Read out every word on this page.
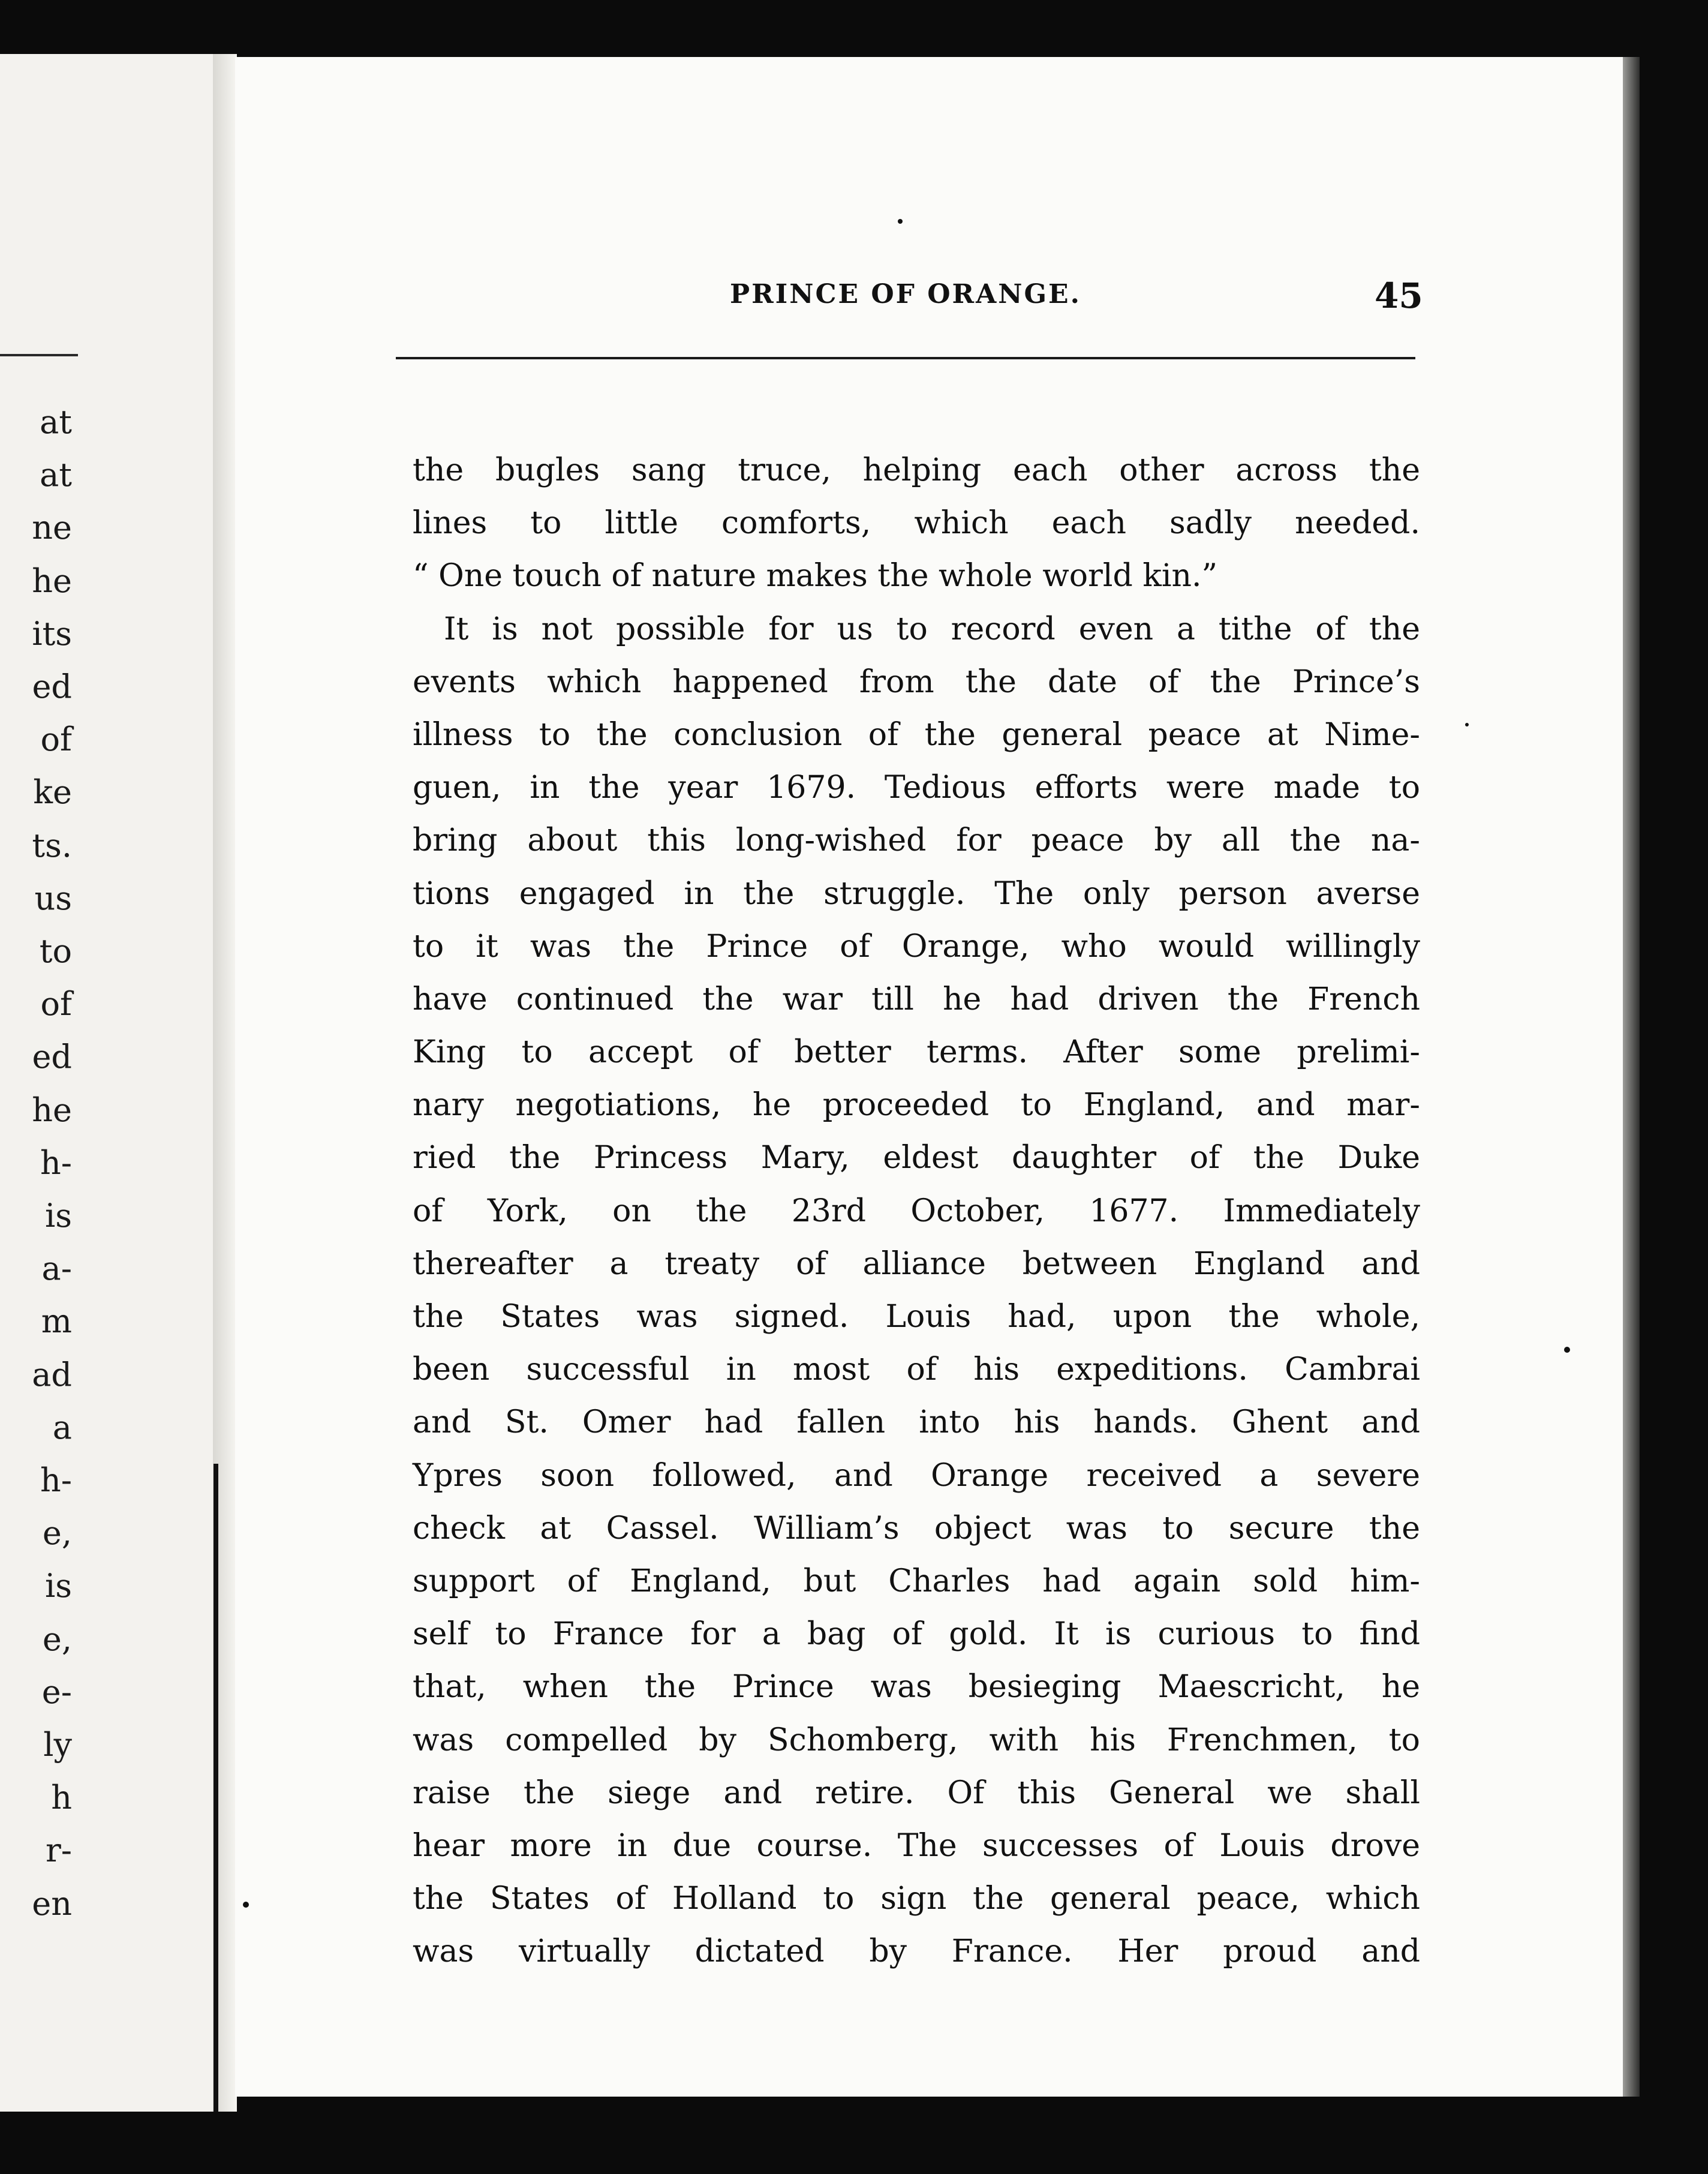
at
at
ne
he
its
ed
of
ke
ts.
us
to
of
ed
he
h-
is
a-
m
ad
a
h-
e,
is
e,
e-
ly
h
r-
en
PRINCE OF ORANGE.	45
the bugles sang truce, helping each other across the
lines to little comforts, which each sadly needed.
“ One touch of nature makes the whole world kin.”
It is not possible for us to record even a tithe of the
events which happened from the date of the Prince’s
illness to the conclusion of the general peace at Nime-
guen, in the year 1679. Tedious efforts were made to
bring about this long-wished for peace by all the na-
tions engaged in the struggle. The only person averse
to it was the Prince of Orange, who would willingly
have continued the war till he had driven the French
King to accept of better terms. After some prelimi-
nary negotiations, he proceeded to England, and mar-
ried the Princess Mary, eldest daughter of the Duke
of York, on the 23rd October, 1677. Immediately
thereafter a treaty of alliance between England and
the States was signed. Louis had, upon the whole,
been successful in most of his expeditions. Cambrai
and St. Omer had fallen into his hands. Ghent and
Ypres soon followed, and Orange received a severe
check at Cassel. William’s object was to secure the
support of England, but Charles had again sold him-
self to France for a bag of gold. It is curious to find
that, when the Prince was besieging Maescricht, he
was compelled by Schomberg, with his Frenchmen, to
raise the siege and retire. Of this General we shall
hear more in due course. The successes of Louis drove
the States of Holland to sign the general peace, which
was virtually dictated by France. Her proud and
